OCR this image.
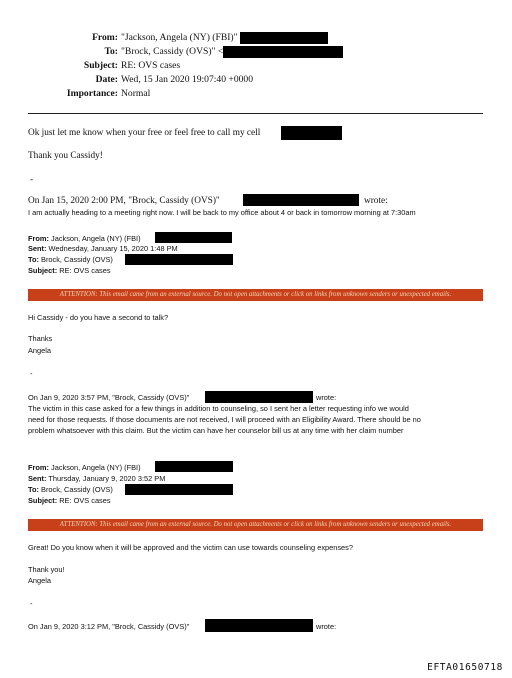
From: "Jackson, Angela (NY) (FBI)"
To: "Brock, Cassidy (OVS)" <
Subject: RE: OVS cases
Date: Wed, 15 Jan 2020 19:07:40 +0000
Importance: Normal
Ok just let me know when your free or feel free to call my cell
Thank you Cassidy!
-
On Jan 15, 2020 2:00 PM, "Brock, Cassidy (OVS)"	wrote:
I am actually heading to a meeting right now. I will be back to my office about 4 or back in tomorrow morning at 7:30am
From: Jackson, Angela (NY) (FBI)
Sent: Wednesday, January 15, 2020 1:48 PM
To: Brock, Cassidy (OVS)
Subject: RE: OVS cases
ATTENTION: This email came from an external source. Do not open attachments or click on links from unknown senders or unexpected emails.
Hi Cassidy - do you have a second to talk?
Thanks
Angela
-
On Jan 9, 2020 3:57 PM, "Brock, Cassidy (OVS)"	wrote:
The victim in this case asked for a few things in addition to counseling, so I sent her a letter requesting info we would
need for those requests. If those documents are not received, I will proceed with an Eligibility Award. There should be no
problem whatsoever with this claim. But the victim can have her counselor bill us at any time with her claim number
From: Jackson, Angela (NY) (FBI)
Sent: Thursday, January 9, 2020 3:52 PM
To: Brock, Cassidy (OVS)
Subject: RE: OVS cases
ATTENTION: This email came from an external source. Do not open attachments or click on links from unknown senders or unexpected emails.
Great! Do you know when it will be approved and the victim can use towards counseling expenses?
Thank you!
Angela
-
On Jan 9, 2020 3:12 PM, "Brock, Cassidy (OVS)"	wrote:
EFTA01650718
